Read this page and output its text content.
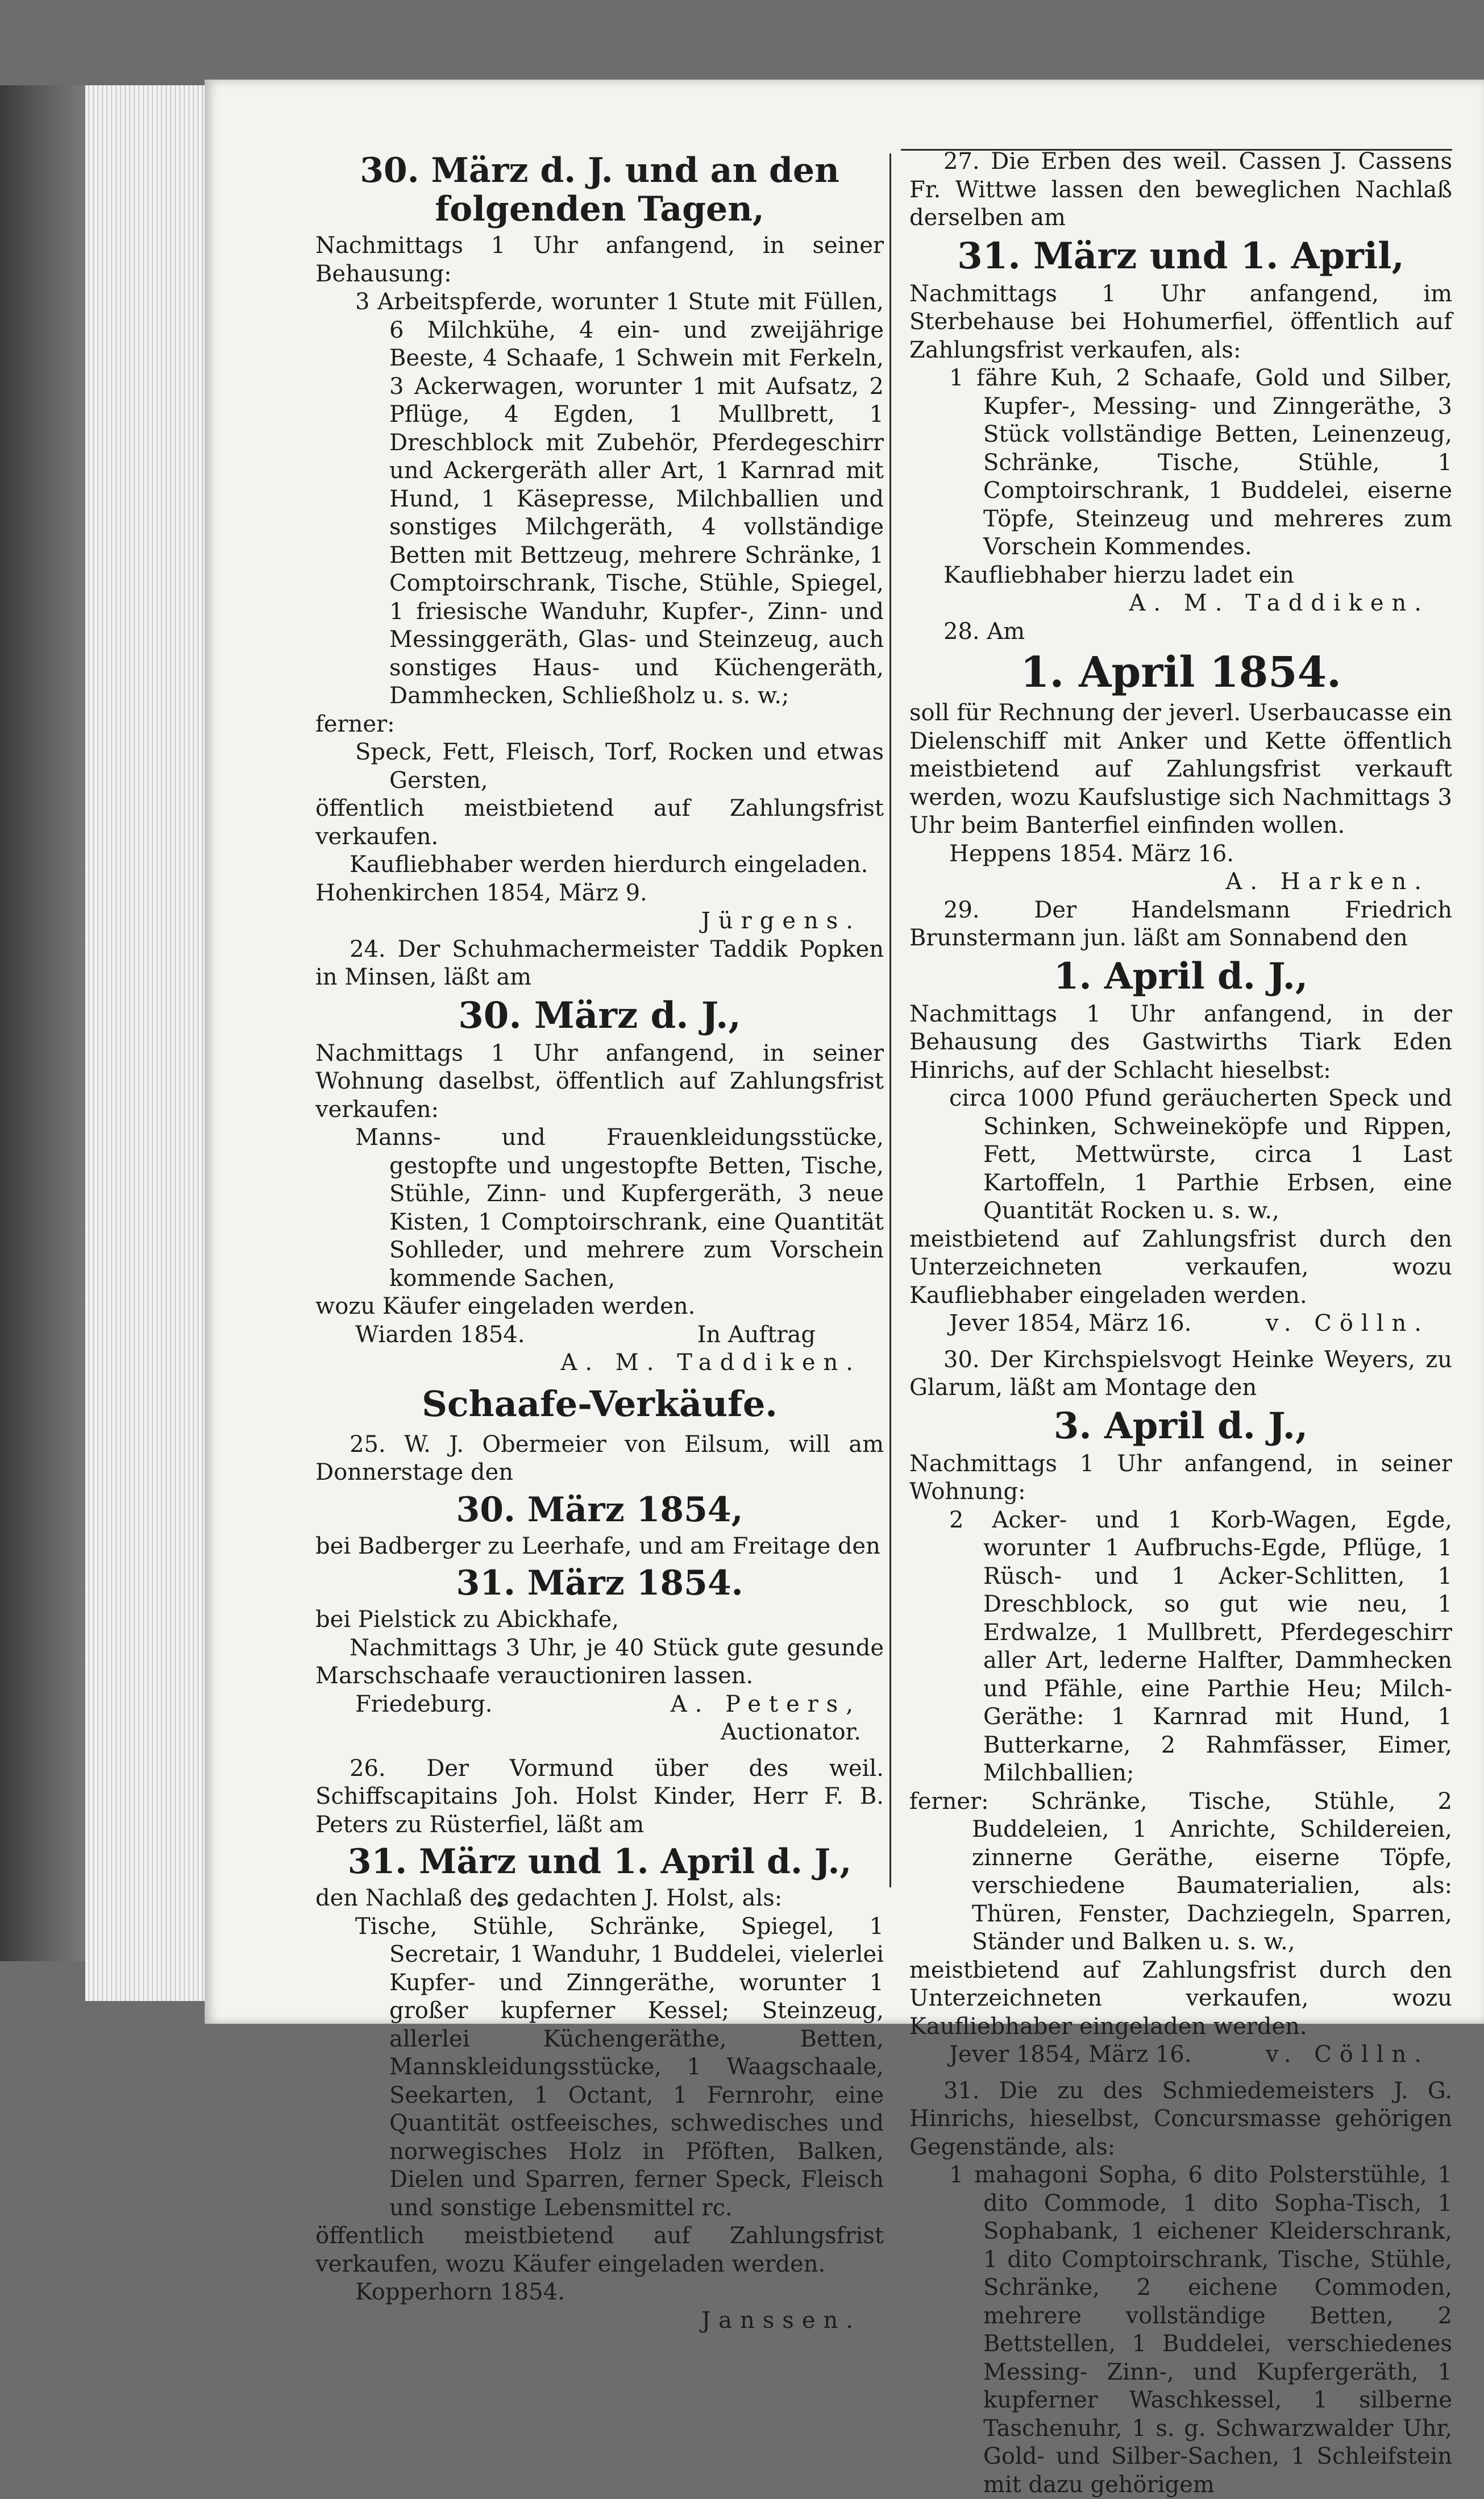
30. März d. J. und an den folgenden Tagen,

Nachmittags 1 Uhr anfangend, in seiner Behausung:

3 Arbeitspferde, worunter 1 Stute mit Füllen, 6 Milchkühe, 4 ein- und zweijährige Beeste, 4 Schaafe, 1 Schwein mit Ferkeln, 3 Ackerwagen, worunter 1 mit Aufsatz, 2 Pflüge, 4 Egden, 1 Mullbrett, 1 Dreschblock mit Zubehör, Pferdegeschirr und Ackergeräth aller Art, 1 Karnrad mit Hund, 1 Käsepresse, Milchballien und sonstiges Milchgeräth, 4 vollständige Betten mit Bettzeug, mehrere Schränke, 1 Comptoirschrank, Tische, Stühle, Spiegel, 1 friesische Wanduhr, Kupfer-, Zinn- und Messinggeräth, Glas- und Steinzeug, auch sonstiges Haus- und Küchengeräth, Dammhecken, Schließholz u. s. w.;

ferner:

Speck, Fett, Fleisch, Torf, Rocken und etwas Gersten,

öffentlich meistbietend auf Zahlungsfrist verkaufen.

Kaufliebhaber werden hierdurch eingeladen.

Hohenkirchen 1854, März 9.

Jürgens.

24. Der Schuhmachermeister Taddik Popken in Minsen, läßt am

30. März d. J.,

Nachmittags 1 Uhr anfangend, in seiner Wohnung daselbst, öffentlich auf Zahlungsfrist verkaufen:

Manns- und Frauenkleidungsstücke, gestopfte und ungestopfte Betten, Tische, Stühle, Zinn- und Kupfergeräth, 3 neue Kisten, 1 Comptoirschrank, eine Quantität Sohlleder, und mehrere zum Vorschein kommende Sachen,

wozu Käufer eingeladen werden.

Wiarden 1854.	In Auftrag

A. M. Taddiken.

Schaafe-Verkäufe.

25. W. J. Obermeier von Eilsum, will am Donnerstage den

30. März 1854,

bei Badberger zu Leerhafe, und am Freitage den

31. März 1854.

bei Pielstick zu Abickhafe,

Nachmittags 3 Uhr, je 40 Stück gute gesunde Marschschaafe verauctioniren lassen.

Friedeburg.	A. Peters,

Auctionator.

26. Der Vormund über des weil. Schiffscapitains Joh. Holst Kinder, Herr F. B. Peters zu Rüsterfiel, läßt am

31. März und 1. April d. J.,

den Nachlaß des gedachten J. Holst, als:

Tische, Stühle, Schränke, Spiegel, 1 Secretair, 1 Wanduhr, 1 Buddelei, vielerlei Kupfer- und Zinngeräthe, worunter 1 großer kupferner Kessel; Steinzeug, allerlei Küchengeräthe, Betten, Mannskleidungsstücke, 1 Waagschaale, Seekarten, 1 Octant, 1 Fernrohr, eine Quantität ostfeeisches, schwedisches und norwegisches Holz in Pföften, Balken, Dielen und Sparren, ferner Speck, Fleisch und sonstige Lebensmittel rc.

öffentlich meistbietend auf Zahlungsfrist verkaufen, wozu Käufer eingeladen werden.

Kopperhorn 1854.

Janssen.

27. Die Erben des weil. Cassen J. Cassens Fr. Wittwe lassen den beweglichen Nachlaß derselben am

31. März und 1. April,

Nachmittags 1 Uhr anfangend, im Sterbehause bei Hohumerfiel, öffentlich auf Zahlungsfrist verkaufen, als:

1 fähre Kuh, 2 Schaafe, Gold und Silber, Kupfer-, Messing- und Zinngeräthe, 3 Stück vollständige Betten, Leinenzeug, Schränke, Tische, Stühle, 1 Comptoirschrank, 1 Buddelei, eiserne Töpfe, Steinzeug und mehreres zum Vorschein Kommendes.

Kaufliebhaber hierzu ladet ein

A. M. Taddiken.

28. Am

1. April 1854.

soll für Rechnung der jeverl. Userbaucasse ein Dielenschiff mit Anker und Kette öffentlich meistbietend auf Zahlungsfrist verkauft werden, wozu Kaufslustige sich Nachmittags 3 Uhr beim Banterfiel einfinden wollen.

Heppens 1854. März 16.

A. Harken.

29. Der Handelsmann Friedrich Brunstermann jun. läßt am Sonnabend den

1. April d. J.,

Nachmittags 1 Uhr anfangend, in der Behausung des Gastwirths Tiark Eden Hinrichs, auf der Schlacht hieselbst:

circa 1000 Pfund geräucherten Speck und Schinken, Schweineköpfe und Rippen, Fett, Mettwürste, circa 1 Last Kartoffeln, 1 Parthie Erbsen, eine Quantität Rocken u. s. w.,

meistbietend auf Zahlungsfrist durch den Unterzeichneten verkaufen, wozu Kaufliebhaber eingeladen werden.

Jever 1854, März 16.	v. Cölln.

30. Der Kirchspielsvogt Heinke Weyers, zu Glarum, läßt am Montage den

3. April d. J.,

Nachmittags 1 Uhr anfangend, in seiner Wohnung:

2 Acker- und 1 Korb-Wagen, Egde, worunter 1 Aufbruchs-Egde, Pflüge, 1 Rüsch- und 1 Acker-Schlitten, 1 Dreschblock, so gut wie neu, 1 Erdwalze, 1 Mullbrett, Pferdegeschirr aller Art, lederne Halfter, Dammhecken und Pfähle, eine Parthie Heu; Milch-Geräthe: 1 Karnrad mit Hund, 1 Butterkarne, 2 Rahmfässer, Eimer, Milchballien;

ferner: Schränke, Tische, Stühle, 2 Buddeleien, 1 Anrichte, Schildereien, zinnerne Geräthe, eiserne Töpfe, verschiedene Baumaterialien, als: Thüren, Fenster, Dachziegeln, Sparren, Ständer und Balken u. s. w.,

meistbietend auf Zahlungsfrist durch den Unterzeichneten verkaufen, wozu Kaufliebhaber eingeladen werden.

Jever 1854, März 16.	v. Cölln.

31. Die zu des Schmiedemeisters J. G. Hinrichs, hieselbst, Concursmasse gehörigen Gegenstände, als:

1 mahagoni Sopha, 6 dito Polsterstühle, 1 dito Commode, 1 dito Sopha-Tisch, 1 Sophabank, 1 eichener Kleiderschrank, 1 dito Comptoirschrank, Tische, Stühle, Schränke, 2 eichene Commoden, mehrere vollständige Betten, 2 Bettstellen, 1 Buddelei, verschiedenes Messing- Zinn-, und Kupfergeräth, 1 kupferner Waschkessel, 1 silberne Taschenuhr, 1 s. g. Schwarzwalder Uhr, Gold- und Silber-Sachen, 1 Schleifstein mit dazu gehörigem
